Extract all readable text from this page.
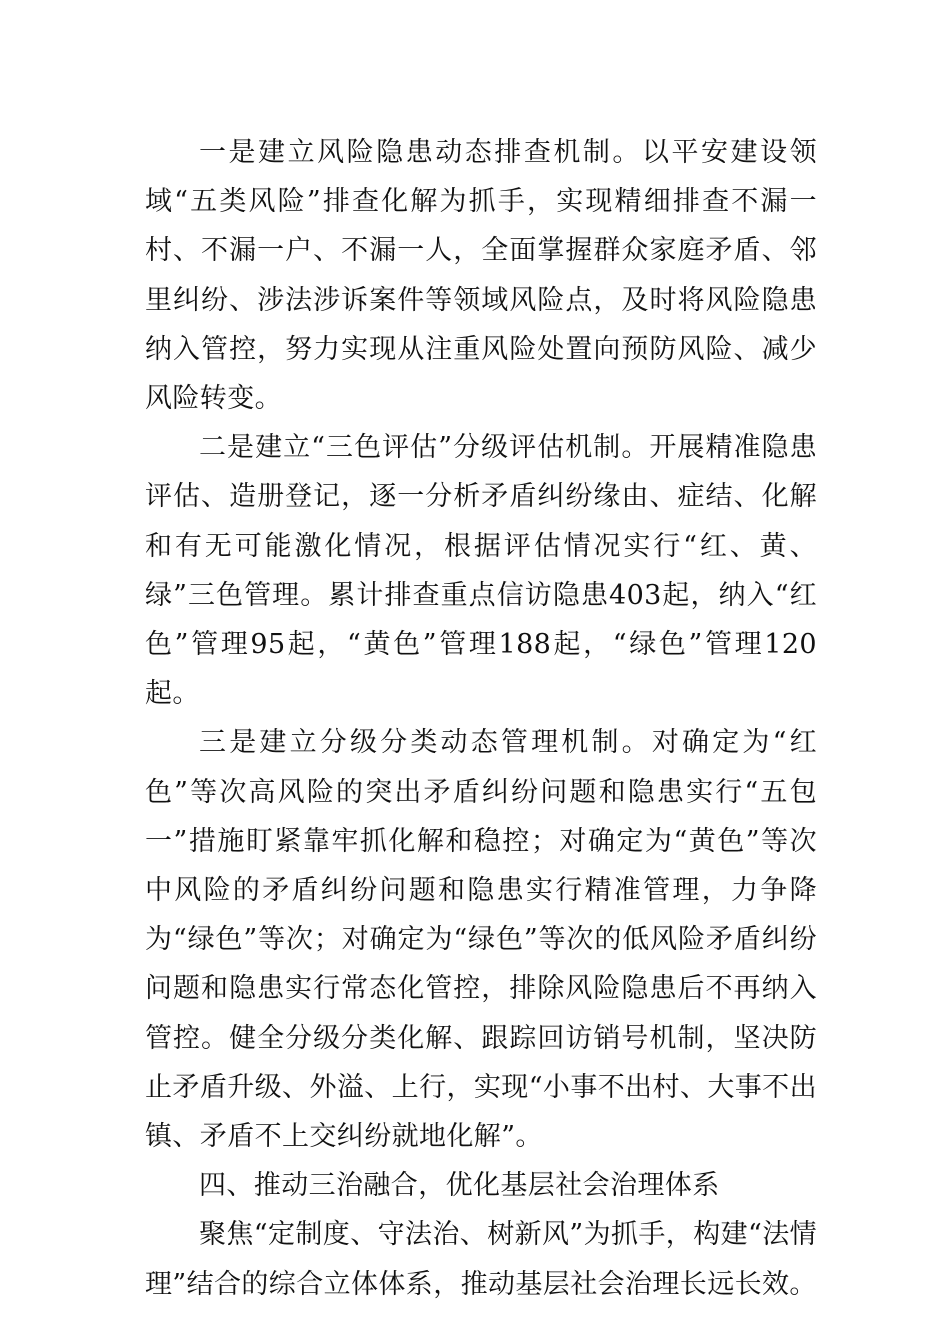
一是建立风险隐患动态排查机制。以平安建设领域“五类风险”排查化解为抓手，实现精细排查不漏一村、不漏一户、不漏一人，全面掌握群众家庭矛盾、邻里纠纷、涉法涉诉案件等领域风险点，及时将风险隐患纳入管控，努力实现从注重风险处置向预防风险、减少风险转变。

二是建立“三色评估”分级评估机制。开展精准隐患评估、造册登记，逐一分析矛盾纠纷缘由、症结、化解和有无可能激化情况，根据评估情况实行“红、黄、绿”三色管理。累计排查重点信访隐患403起，纳入“红色”管理95起，“黄色”管理188起，“绿色”管理120起。

三是建立分级分类动态管理机制。对确定为“红色”等次高风险的突出矛盾纠纷问题和隐患实行“五包一”措施盯紧靠牢抓化解和稳控；对确定为“黄色”等次中风险的矛盾纠纷问题和隐患实行精准管理，力争降为“绿色”等次；对确定为“绿色”等次的低风险矛盾纠纷问题和隐患实行常态化管控，排除风险隐患后不再纳入管控。健全分级分类化解、跟踪回访销号机制，坚决防止矛盾升级、外溢、上行，实现“小事不出村、大事不出镇、矛盾不上交纠纷就地化解”。

四、推动三治融合，优化基层社会治理体系

聚焦“定制度、守法治、树新风”为抓手，构建“法情理”结合的综合立体体系，推动基层社会治理长远长效。
